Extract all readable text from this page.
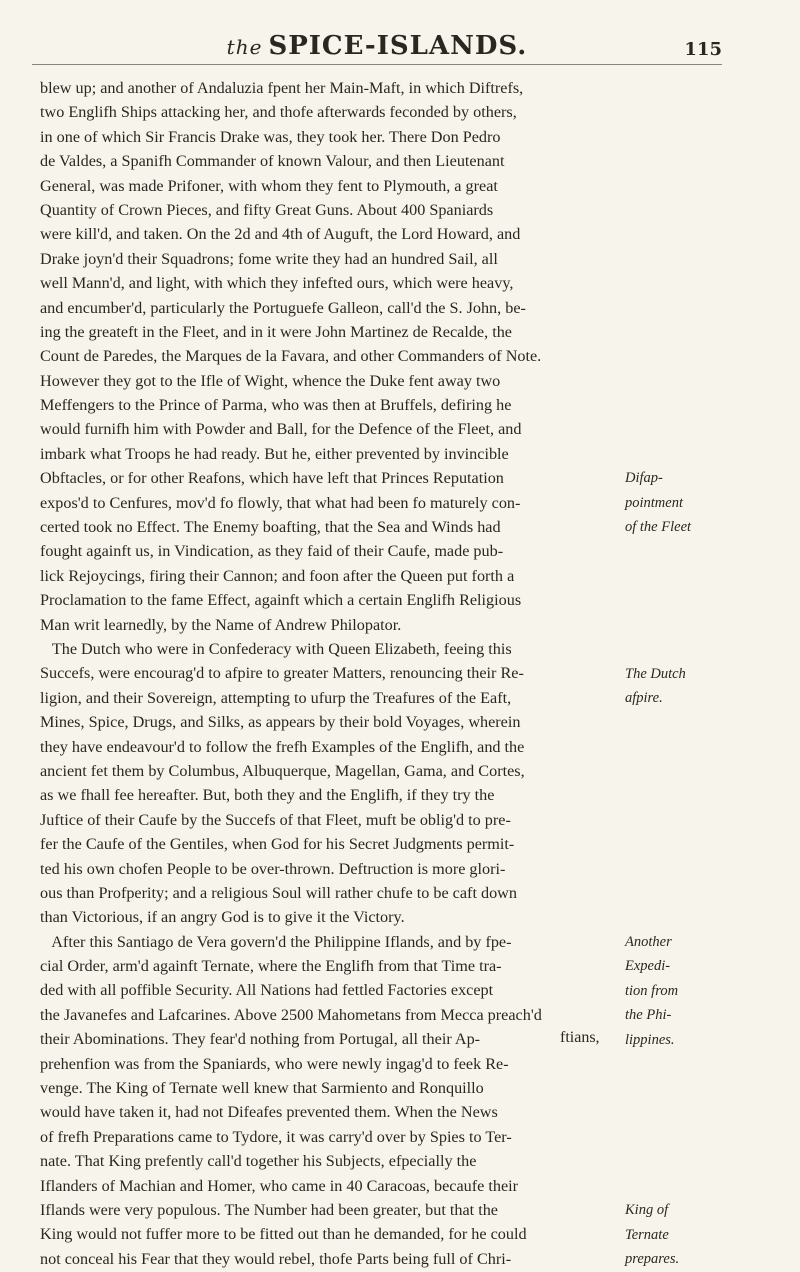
the SPICE-ISLANDS.	115
blew up; and another of Andaluzia fpent her Main-Maft, in which Diftrefs,
two Englifh Ships attacking her, and thofe afterwards feconded by others,
in one of which Sir Francis Drake was, they took her. There Don Pedro
de Valdes, a Spanifh Commander of known Valour, and then Lieutenant
General, was made Prifoner, with whom they fent to Plymouth, a great
Quantity of Crown Pieces, and fifty Great Guns. About 400 Spaniards
were kill'd, and taken. On the 2d and 4th of Auguft, the Lord Howard, and
Drake joyn'd their Squadrons; fome write they had an hundred Sail, all
well Mann'd, and light, with which they infefted ours, which were heavy,
and encumber'd, particularly the Portuguefe Galleon, call'd the S. John, be-
ing the greateft in the Fleet, and in it were John Martinez de Recalde, the
Count de Paredes, the Marques de la Favara, and other Commanders of Note.
However they got to the Ifle of Wight, whence the Duke fent away two
Meffengers to the Prince of Parma, who was then at Bruffels, defiring he
would furnifh him with Powder and Ball, for the Defence of the Fleet, and
imbark what Troops he had ready. But he, either prevented by invincible
Obftacles, or for other Reafons, which have left that Princes Reputation
expos'd to Cenfures, mov'd fo flowly, that what had been fo maturely con-
certed took no Effect. The Enemy boafting, that the Sea and Winds had
fought againft us, in Vindication, as they faid of their Caufe, made pub-
lick Rejoycings, firing their Cannon; and foon after the Queen put forth a
Proclamation to the fame Effect, againft which a certain Englifh Religious
Man writ learnedly, by the Name of Andrew Philopator.
The Dutch who were in Confederacy with Queen Elizabeth, feeing this
Succefs, were encourag'd to afpire to greater Matters, renouncing their Re-
ligion, and their Sovereign, attempting to ufurp the Treafures of the Eaft,
Mines, Spice, Drugs, and Silks, as appears by their bold Voyages, wherein
they have endeavour'd to follow the frefh Examples of the Englifh, and the
ancient fet them by Columbus, Albuquerque, Magellan, Gama, and Cortes,
as we fhall fee hereafter. But, both they and the Englifh, if they try the
Juftice of their Caufe by the Succefs of that Fleet, muft be oblig'd to pre-
fer the Caufe of the Gentiles, when God for his Secret Judgments permit-
ted his own chofen People to be over-thrown. Deftruction is more glori-
ous than Profperity; and a religious Soul will rather chufe to be caft down
than Victorious, if an angry God is to give it the Victory.
After this Santiago de Vera govern'd the Philippine Iflands, and by fpe-
cial Order, arm'd againft Ternate, where the Englifh from that Time tra-
ded with all poffible Security. All Nations had fettled Factories except
the Javanefes and Lafcarines. Above 2500 Mahometans from Mecca preach'd
their Abominations. They fear'd nothing from Portugal, all their Ap-
prehenfion was from the Spaniards, who were newly ingag'd to feek Re-
venge. The King of Ternate well knew that Sarmiento and Ronquillo
would have taken it, had not Difeafes prevented them. When the News
of frefh Preparations came to Tydore, it was carry'd over by Spies to Ter-
nate. That King prefently call'd together his Subjects, efpecially the
Iflanders of Machian and Homer, who came in 40 Caracoas, becaufe their
Iflands were very populous. The Number had been greater, but that the
King would not fuffer more to be fitted out than he demanded, for he could
not conceal his Fear that they would rebel, thofe Parts being full of Chri-
Difap-
pointment
of the Fleet
The Dutch
afpire.
Another
Expedi-
tion from
the Phi-
lippines.
King of
Ternate
prepares.
ftians,
